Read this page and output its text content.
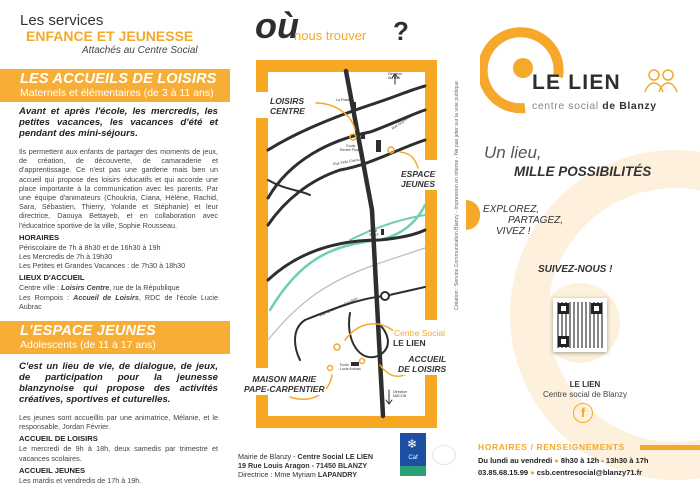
Les services
ENFANCE ET JEUNESSE
Attachés au Centre Social
LES ACCUEILS DE LOISIRS
Maternels et élémentaires (de 3 à 11 ans)
Avant et après l'école, les mercredis, les petites vacances, les vacances d'été et pendant des mini-séjours.
Ils permettent aux enfants de partager des moments de jeux, de création, de découverte, de camaraderie et d'apprentissage. Ce n'est pas une garderie mais bien un accueil qui propose des loisirs éducatifs et qui accorde une place importante à la communication avec les parents. Par une équipe d'animateurs (Choukria, Ciana, Hélène, Rachid, Sara, Sébastien, Thierry, Yolande et Stéphanie) et leur directrice, Daouya Bettayeb, et en collaboration avec l'éducatrice sportive de la ville, Sophie Rousseau.
HORAIRES
Périscolaire de 7h à 8h30 et de 16h30 à 19h
Les Mercredis de 7h à 19h30
Les Petites et Grandes Vacances : de 7h30 à 18h30
LIEUX D'ACCUEIL
Centre ville : Loisirs Centre, rue de la République
Les Rompois : Accueil de Loisirs, RDC de l'école Lucie Aubrac
L'ESPACE JEUNES
Adolescents (de 11 à 17 ans)
C'est un lieu de vie, de dialogue, de jeux, de participation pour la jeunesse blanzynoise qui propose des activités créatives, sportives et cuturelles.
Les jeunes sont accueillis par une animatrice, Mélanie, et le responsable, Jordan Février.
ACCUEIL DE LOISIRS
Le mercredi de 9h à 18h, deux samedis par trimestre et vacances scolaires.
ACCUEIL JEUNES
Les mardis et vendredis de 17h à 19h.
où
nous trouver ?
Direction
AUTUN
La Poste
Ecole
Renée Picard
Rue Félix Chenu
Rue Guynemer
Halle
SAGT
Rue du Bois des Baudiots
Ecole
Lucie Aubrac
Direction
MÂCON
LOISIRS
CENTRE
ESPACE
JEUNES
Centre Social
LE LIEN
ACCUEIL
DE LOISIRS
MAISON MARIE
PAPE-CARPENTIER
Mairie de Blanzy - Centre Social LE LIEN
19 Rue Louis Aragon - 71450 BLANZY
Directrice : Mme Myriam LAPANDRY
❄
Caf
Création : Service Communication Blanzy - Impression en interne - Ne pas jeter sur la voie publique	LE LIEN
centre social de Blanzy
Un lieu,
MILLE POSSIBILITÉS
EXPLOREZ,
PARTAGEZ,
VIVEZ !
SUIVEZ-NOUS !
LE LIEN
Centre social de Blanzy
f
HORAIRES / RENSEIGNEMENTS
Du lundi au vendredi ● 8h30 à 12h - 13h30 à 17h
03.85.68.15.99 ● csb.centresocial@blanzy71.fr
